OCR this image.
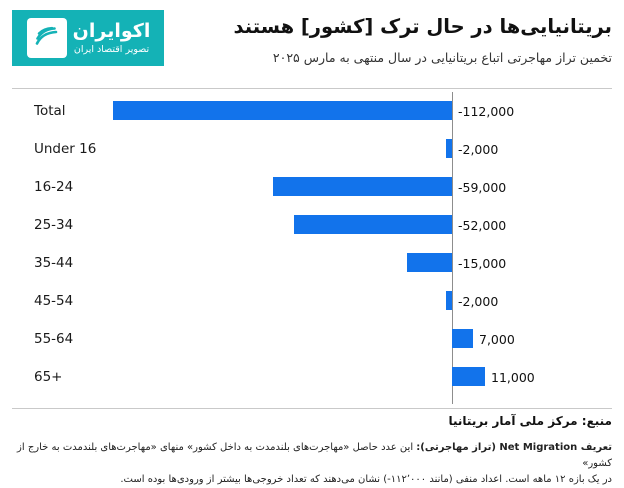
اکوایران
تصویر اقتصاد ایران
بریتانیایی‌ها در حال ترک [کشور] هستند
تخمین تراز مهاجرتی اتباع بریتانیایی در سال منتهی به مارس ۲۰۲۵
Total	-112,000
Under 16	-2,000
16-24	-59,000
25-34	-52,000
35-44	-15,000
45-54	-2,000
55-64	7,000
65+	11,000
منبع: مرکز ملی آمار بریتانیا
تعریف Net Migration (تراز مهاجرتی): این عدد حاصل «مهاجرت‌های بلندمدت به داخل کشور» منهای «مهاجرت‌های بلندمدت به خارج از کشور»
در یک بازه ۱۲ ماهه است. اعداد منفی (مانند ۱۱۲٬۰۰۰-) نشان می‌دهند که تعداد خروجی‌ها بیشتر از ورودی‌ها بوده است.
